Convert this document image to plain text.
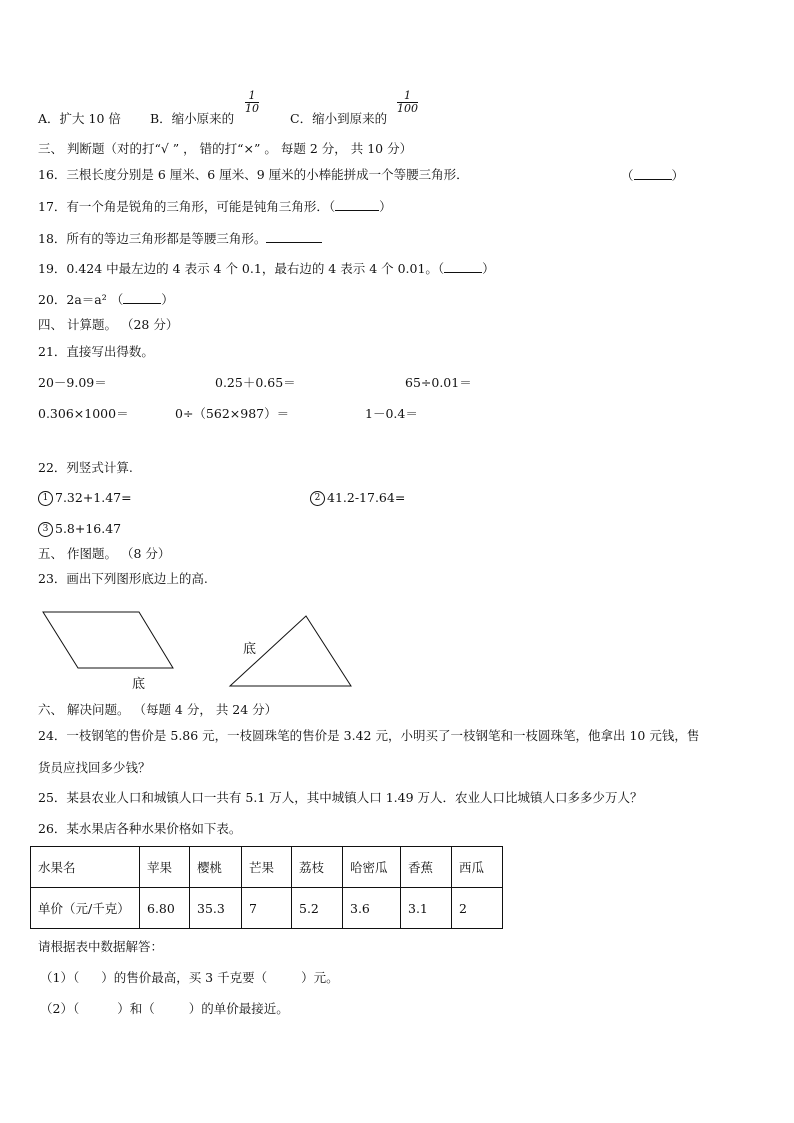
A．扩大 10 倍 B．缩小原来的
$\frac{1}{10}$
C．缩小到原来的
$\frac{1}{100}$
三、 判断题（对的打“√ ” ， 错的打“×” 。 每题 2 分， 共 10 分）
16．三根长度分别是 6 厘米、6 厘米、9 厘米的小棒能拼成一个等腰三角形．	（	）
17．有一个角是锐角的三角形，可能是钝角三角形．（	）
18．所有的等边三角形都是等腰三角形。
19．0.424 中最左边的 4 表示 4 个 0.1，最右边的 4 表示 4 个 0.01。（	）
20．2a＝a² （	）
四、 计算题。 （28 分）
21．直接写出得数。
20－9.09＝	0.25＋0.65＝	65÷0.01＝
0.306×1000＝	0÷（562×987）＝	1－0.4＝
22．列竖式计算.
1 7.32+1.47=	2 41.2-17.64=
3 5.8+16.47
五、 作图题。 （8 分）
23．画出下列图形底边上的高.
底
底
六、 解决问题。 （每题 4 分， 共 24 分）
24．一枝钢笔的售价是 5.86 元，一枝圆珠笔的售价是 3.42 元，小明买了一枝钢笔和一枝圆珠笔，他拿出 10 元钱，售
货员应找回多少钱？
25．某县农业人口和城镇人口一共有 5.1 万人，其中城镇人口 1.49 万人．农业人口比城镇人口多多少万人？
26．某水果店各种水果价格如下表。
水果名	苹果	樱桃	芒果	荔枝	哈密瓜	香蕉	西瓜
单价（元/千克）	6.80	35.3	7	5.2	3.6	3.1	2
请根据表中数据解答：
（1）（ ）的售价最高，买 3 千克要（	）元。
（2）（	）和（	）的单价最接近。
